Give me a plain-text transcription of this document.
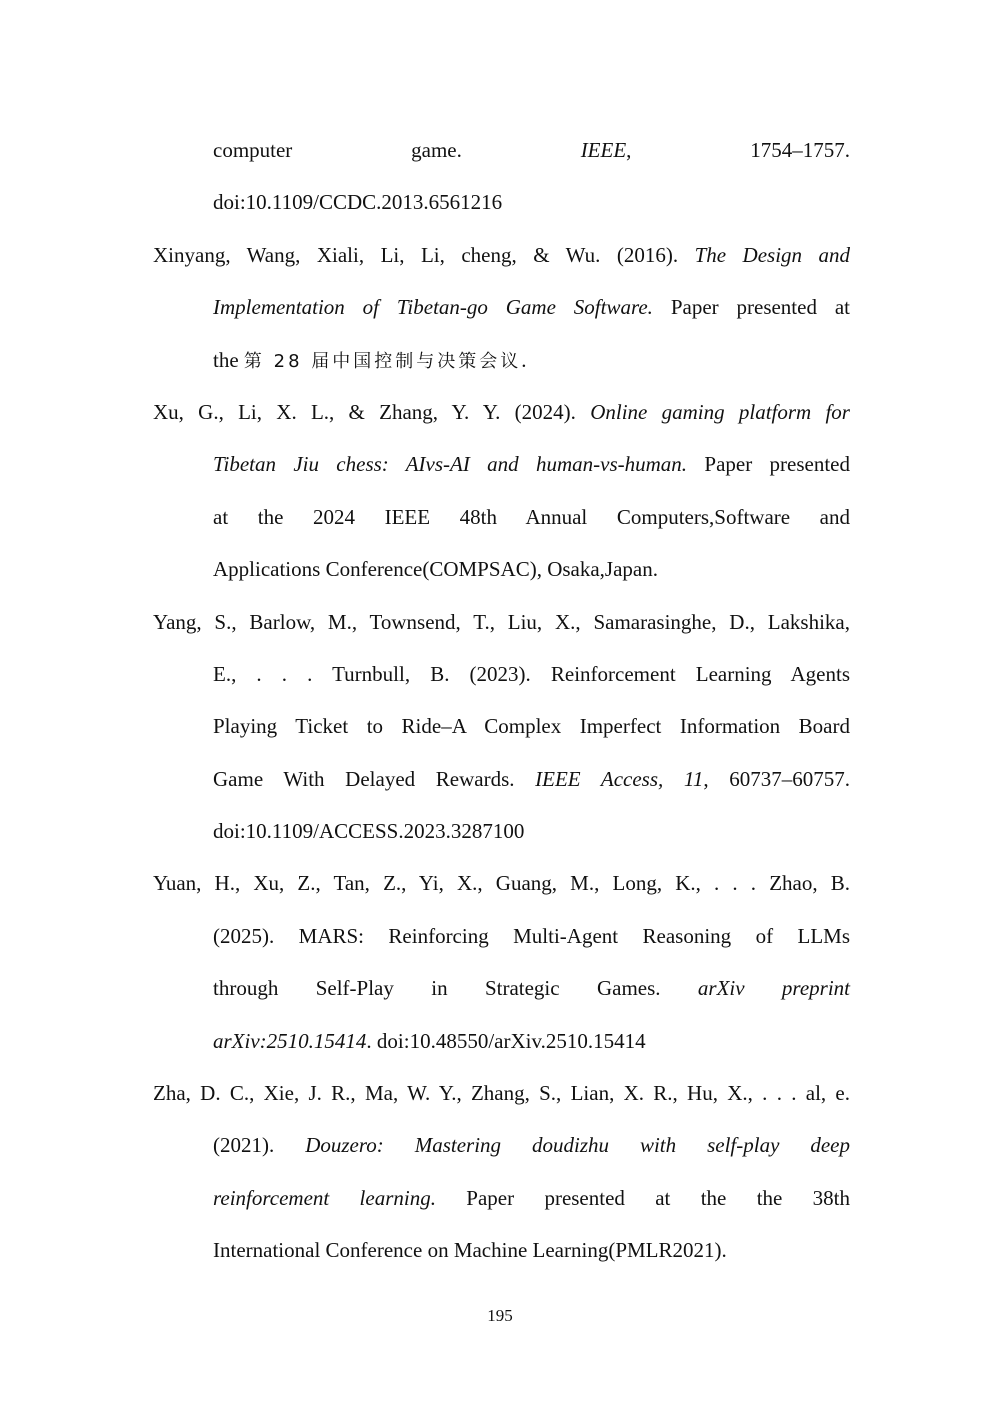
computer game. IEEE, 1754–1757.
doi:10.1109/CCDC.2013.6561216
Xinyang, Wang, Xiali, Li, Li, cheng, & Wu. (2016). The Design and
Implementation of Tibetan-go Game Software. Paper presented at
the 第 28 届中国控制与决策会议.
Xu, G., Li, X. L., & Zhang, Y. Y. (2024). Online gaming platform for
Tibetan Jiu chess: AIvs-AI and human-vs-human. Paper presented
at the 2024 IEEE 48th Annual Computers,Software and
Applications Conference(COMPSAC), Osaka,Japan.
Yang, S., Barlow, M., Townsend, T., Liu, X., Samarasinghe, D., Lakshika,
E., . . . Turnbull, B. (2023). Reinforcement Learning Agents
Playing Ticket to Ride–A Complex Imperfect Information Board
Game With Delayed Rewards. IEEE Access, 11, 60737–60757.
doi:10.1109/ACCESS.2023.3287100
Yuan, H., Xu, Z., Tan, Z., Yi, X., Guang, M., Long, K., . . . Zhao, B.
(2025). MARS: Reinforcing Multi-Agent Reasoning of LLMs
through Self-Play in Strategic Games. arXiv preprint
arXiv:2510.15414. doi:10.48550/arXiv.2510.15414
Zha, D. C., Xie, J. R., Ma, W. Y., Zhang, S., Lian, X. R., Hu, X., . . . al, e.
(2021). Douzero: Mastering doudizhu with self-play deep
reinforcement learning. Paper presented at the the 38th
International Conference on Machine Learning(PMLR2021).
195
